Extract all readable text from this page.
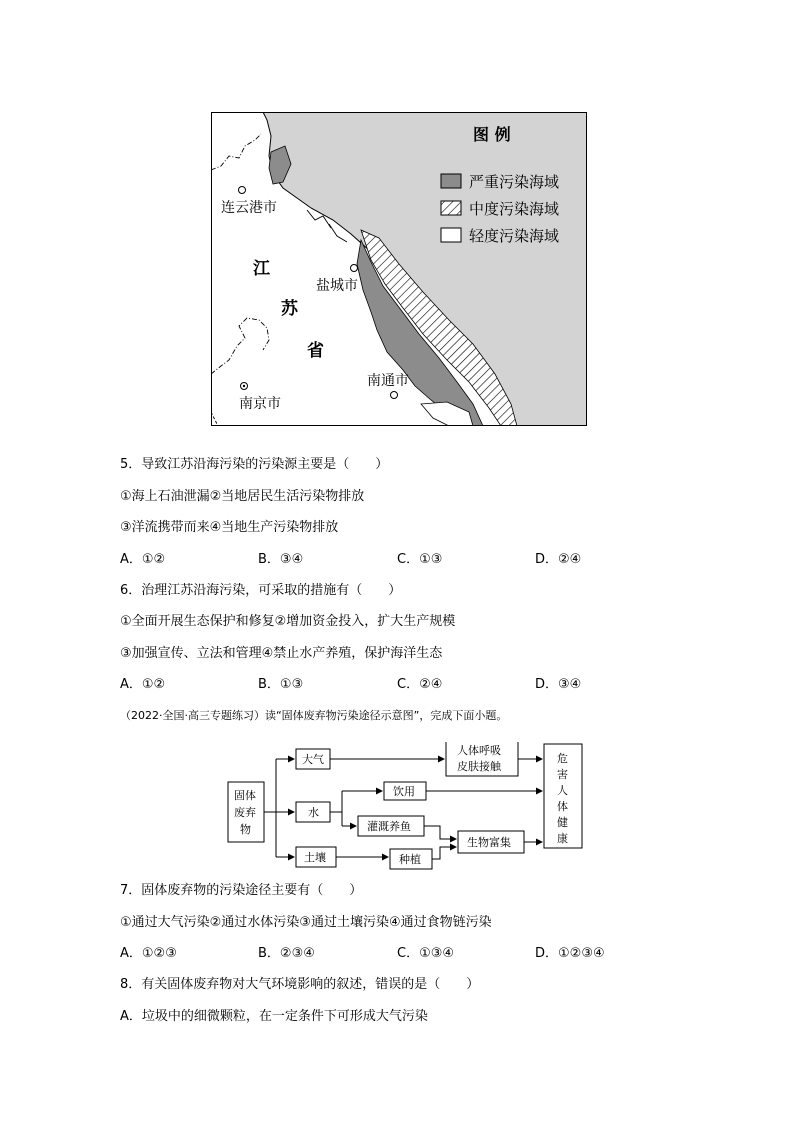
连云港市
盐城市
南通市
南京市
江
苏
省
图 例
严重污染海域
中度污染海域
轻度污染海域
5．导致江苏沿海污染的污染源主要是（　　）
①海上石油泄漏②当地居民生活污染物排放
③洋流携带而来④当地生产污染物排放
A．①②	B．③④	C．①③	D．②④
6．治理江苏沿海污染，可采取的措施有（　　）
①全面开展生态保护和修复②增加资金投入，扩大生产规模
③加强宣传、立法和管理④禁止水产养殖，保护海洋生态
A．①②	B．①③	C．②④	D．③④
（2022·全国·高三专题练习）读“固体废弃物污染途径示意图”，完成下面小题。
固体
废弃
物
大气
水
土壤
人体呼吸
皮肤接触
饮用
灌溉养鱼
种植
生物富集
危
害
人
体
健
康
7．固体废弃物的污染途径主要有（　　）
①通过大气污染②通过水体污染③通过土壤污染④通过食物链污染
A．①②③	B．②③④	C．①③④	D．①②③④
8．有关固体废弃物对大气环境影响的叙述，错误的是（　　）
A．垃圾中的细微颗粒，在一定条件下可形成大气污染
